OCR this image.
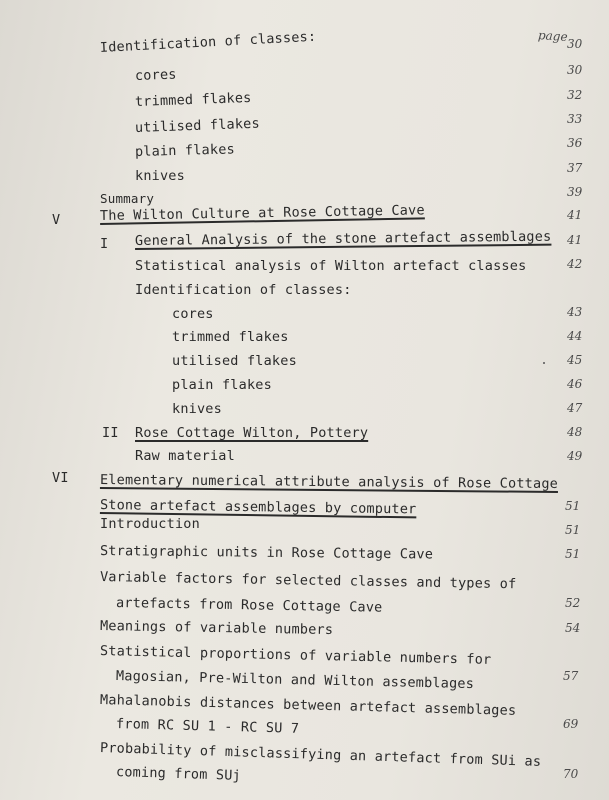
page
Identification of classes:	30
cores	30
trimmed flakes	32
utilised flakes	33
plain flakes	36
knives	37
Summary	39
V	The Wilton Culture at Rose Cottage Cave	41
I General Analysis of the stone artefact assemblages 41
Statistical analysis of Wilton artefact classes	42
Identification of classes:
cores	43
trimmed flakes	44
utilised flakes	45
plain flakes	46
knives	47
II Rose Cottage Wilton, Pottery	48
Raw material	49
VI Elementary numerical attribute analysis of Rose Cottage
Stone artefact assemblages by computer	51
Introduction	51
Stratigraphic units in Rose Cottage Cave	51
Variable factors for selected classes and types of
artefacts from Rose Cottage Cave	52
Meanings of variable numbers	54
Statistical proportions of variable numbers for
Magosian, Pre-Wilton and Wilton assemblages	57
Mahalanobis distances between artefact assemblages
from RC SU 1 - RC SU 7	69
Probability of misclassifying an artefact from SUi as
coming from SUj	70
